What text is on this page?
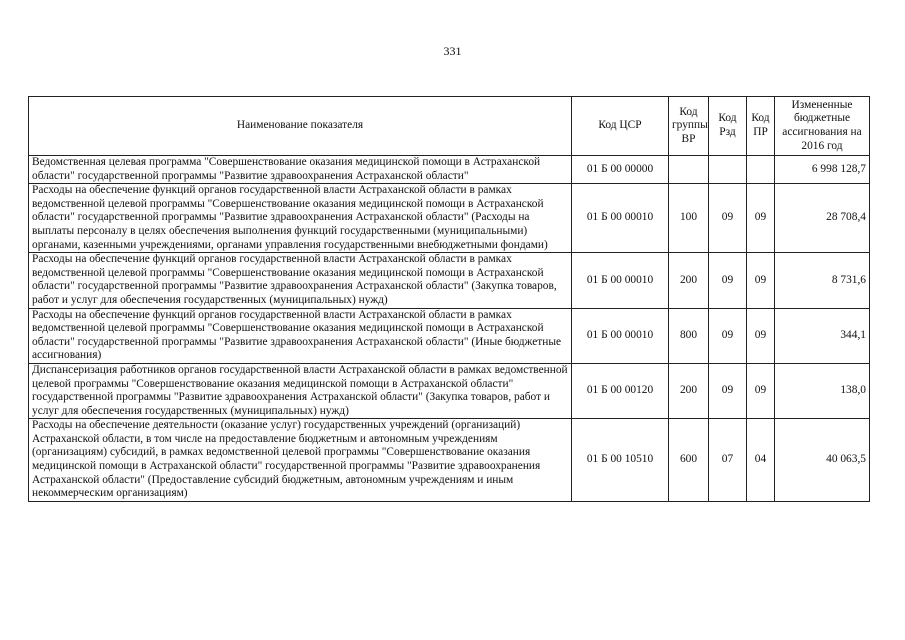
331
Наименование показателя	Код ЦСР	Код группы ВР	Код Рзд	Код ПР	Измененные бюджетные ассигнования на 2016 год
Ведомственная целевая программа "Совершенствование оказания медицинской помощи в Астраханской области" государственной программы "Развитие здравоохранения Астраханской области"	01 Б 00 00000				6 998 128,7
Расходы на обеспечение функций органов государственной власти Астраханской области в рамках ведомственной целевой программы "Совершенствование оказания медицинской помощи в Астраханской области" государственной программы "Развитие здравоохранения Астраханской области" (Расходы на выплаты персоналу в целях обеспечения выполнения функций государственными (муниципальными) органами, казенными учреждениями, органами управления государственными внебюджетными фондами)	01 Б 00 00010	100	09	09	28 708,4
Расходы на обеспечение функций органов государственной власти Астраханской области в рамках ведомственной целевой программы "Совершенствование оказания медицинской помощи в Астраханской области" государственной программы "Развитие здравоохранения Астраханской области" (Закупка товаров, работ и услуг для обеспечения государственных (муниципальных) нужд)	01 Б 00 00010	200	09	09	8 731,6
Расходы на обеспечение функций органов государственной власти Астраханской области в рамках ведомственной целевой программы "Совершенствование оказания медицинской помощи в Астраханской области" государственной программы "Развитие здравоохранения Астраханской области" (Иные бюджетные ассигнования)	01 Б 00 00010	800	09	09	344,1
Диспансеризация работников органов государственной власти Астраханской области в рамках ведомственной целевой программы "Совершенствование оказания медицинской помощи в Астраханской области" государственной программы "Развитие здравоохранения Астраханской области" (Закупка товаров, работ и услуг для обеспечения государственных (муниципальных) нужд)	01 Б 00 00120	200	09	09	138,0
Расходы на обеспечение деятельности (оказание услуг) государственных учреждений (организаций) Астраханской области, в том числе на предоставление бюджетным и автономным учреждениям (организациям) субсидий, в рамках ведомственной целевой программы "Совершенствование оказания медицинской помощи в Астраханской области" государственной программы "Развитие здравоохранения Астраханской области" (Предоставление субсидий бюджетным, автономным учреждениям и иным некоммерческим организациям)	01 Б 00 10510	600	07	04	40 063,5
